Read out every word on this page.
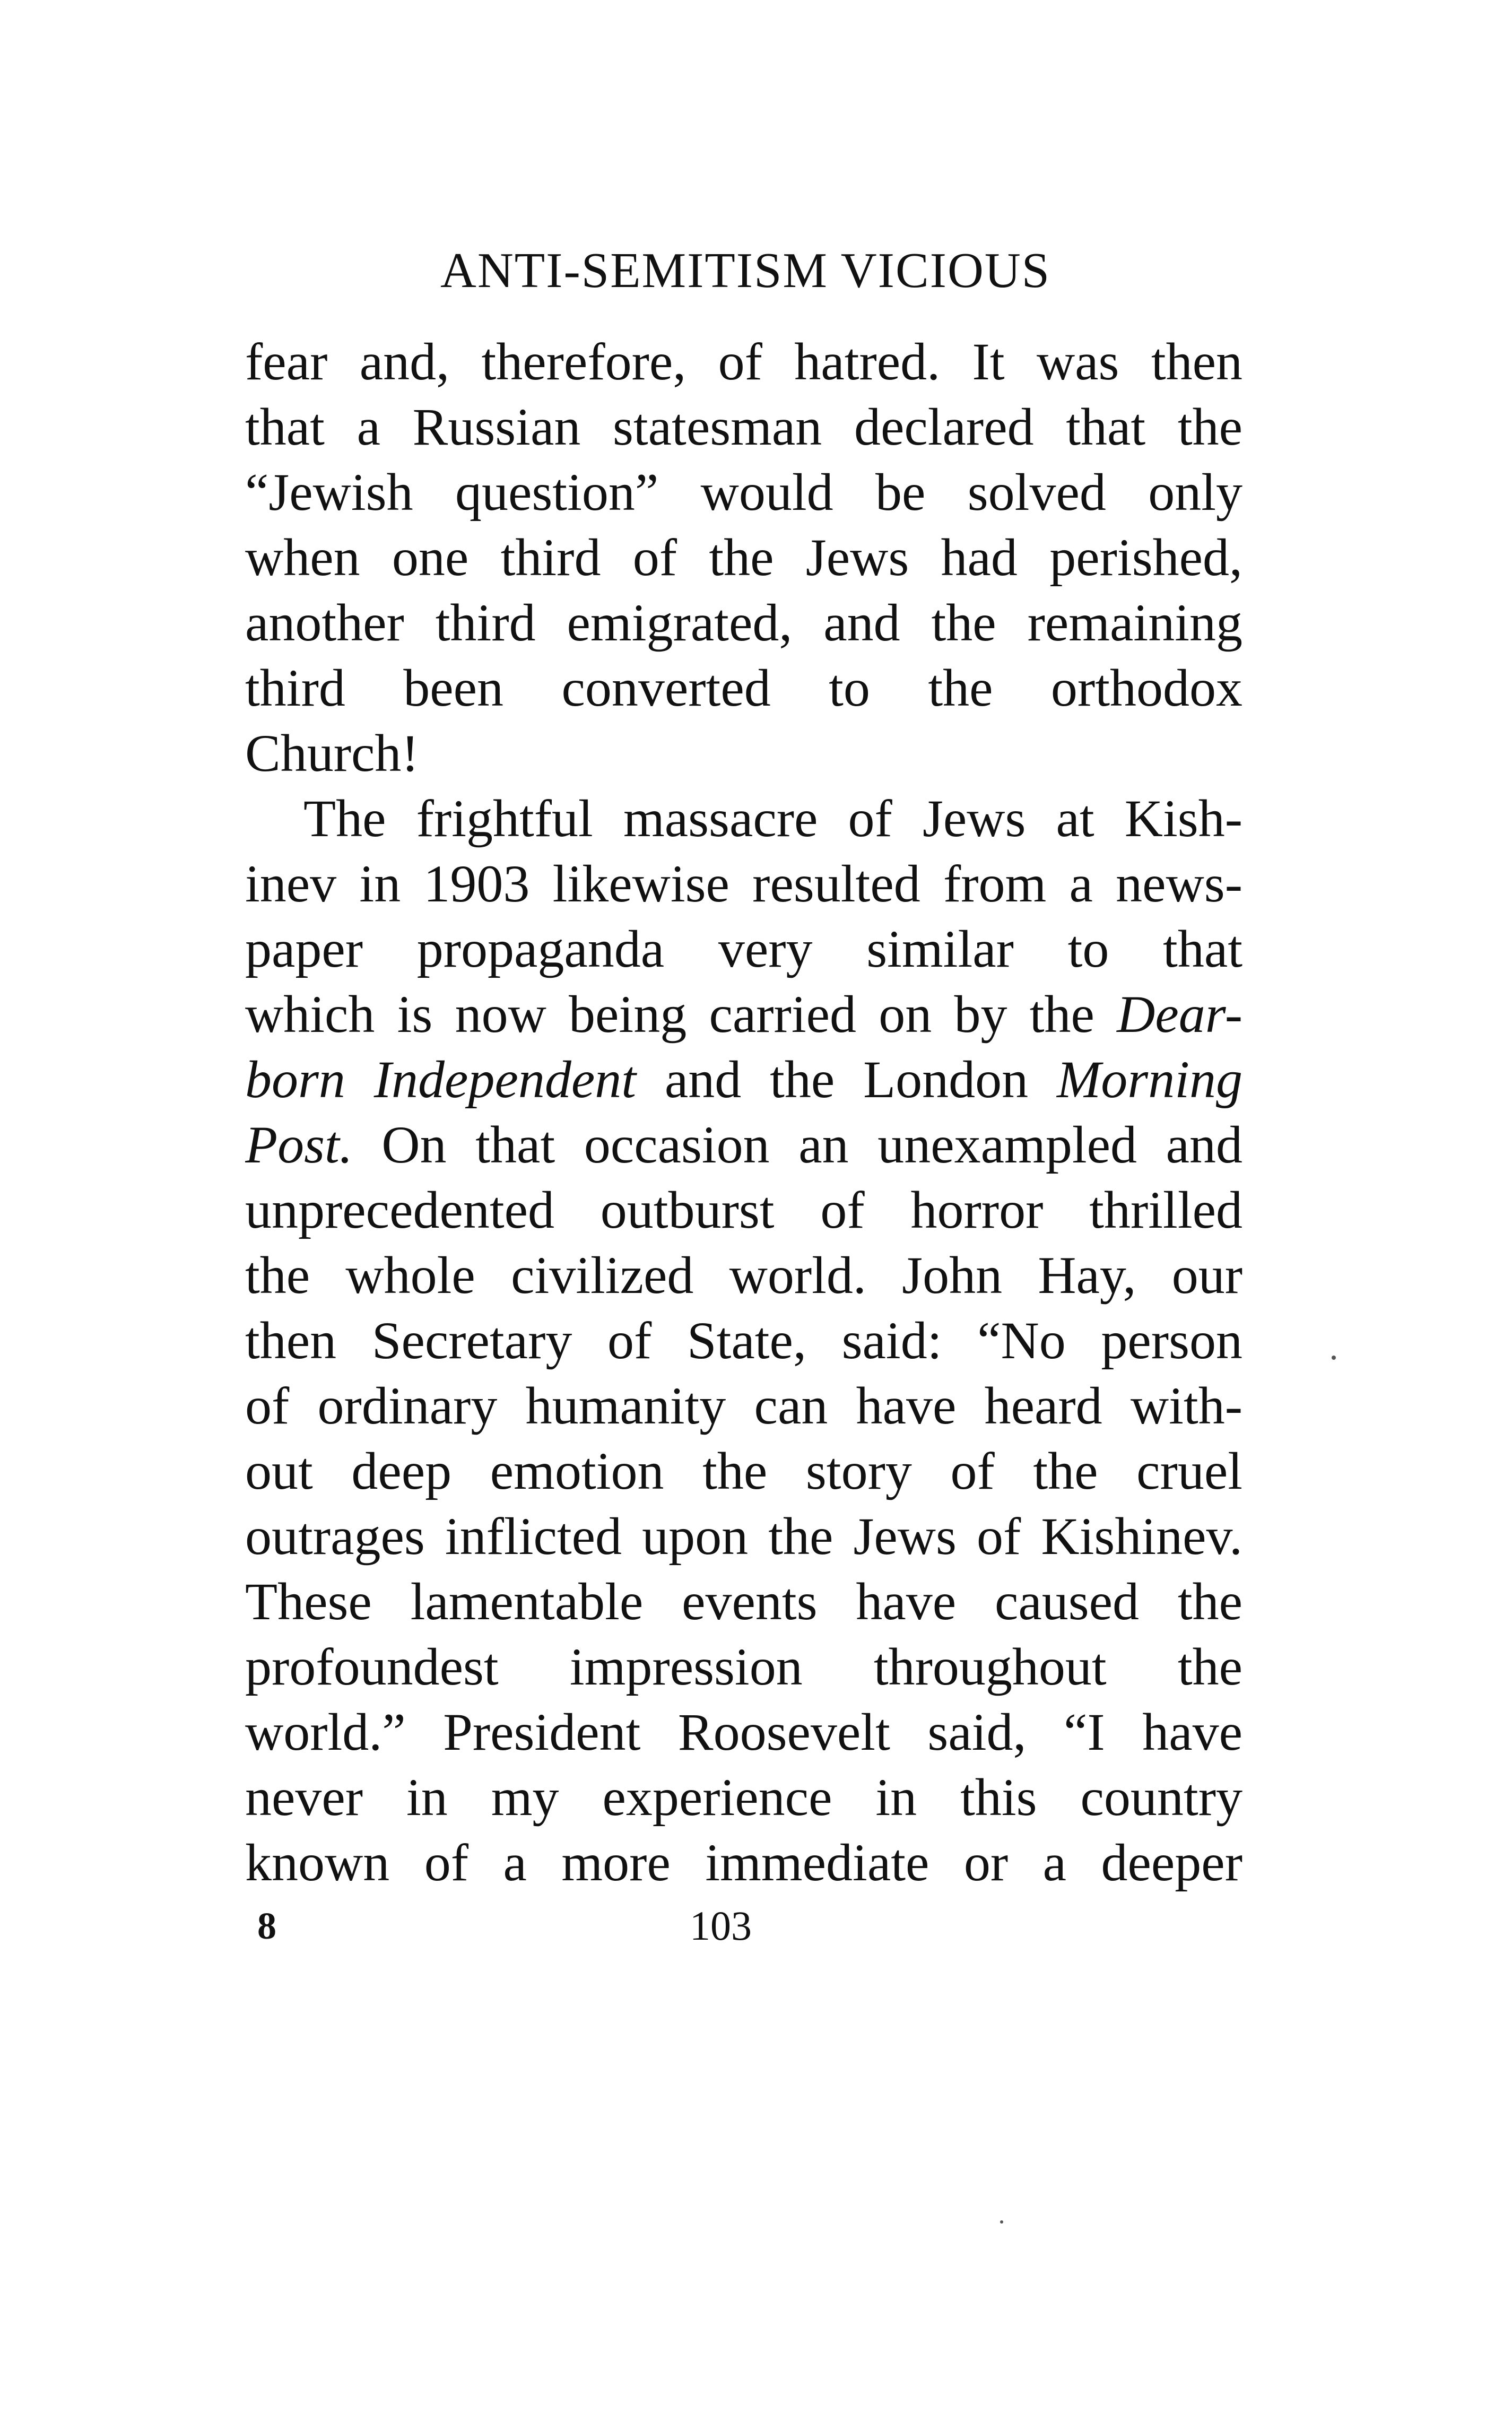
ANTI-SEMITISM VICIOUS
fear and, therefore, of hatred. It was then
that a Russian statesman declared that the
“Jewish question” would be solved only
when one third of the Jews had perished,
another third emigrated, and the remaining
third been converted to the orthodox
Church!
The frightful massacre of Jews at Kish-
inev in 1903 likewise resulted from a news-
paper propaganda very similar to that
which is now being carried on by the Dear-
born Independent and the London Morning
Post. On that occasion an unexampled and
unprecedented outburst of horror thrilled
the whole civilized world. John Hay, our
then Secretary of State, said: “No person
of ordinary humanity can have heard with-
out deep emotion the story of the cruel
outrages inflicted upon the Jews of Kishinev.
These lamentable events have caused the
profoundest impression throughout the
world.” President Roosevelt said, “I have
never in my experience in this country
known of a more immediate or a deeper
8	103
